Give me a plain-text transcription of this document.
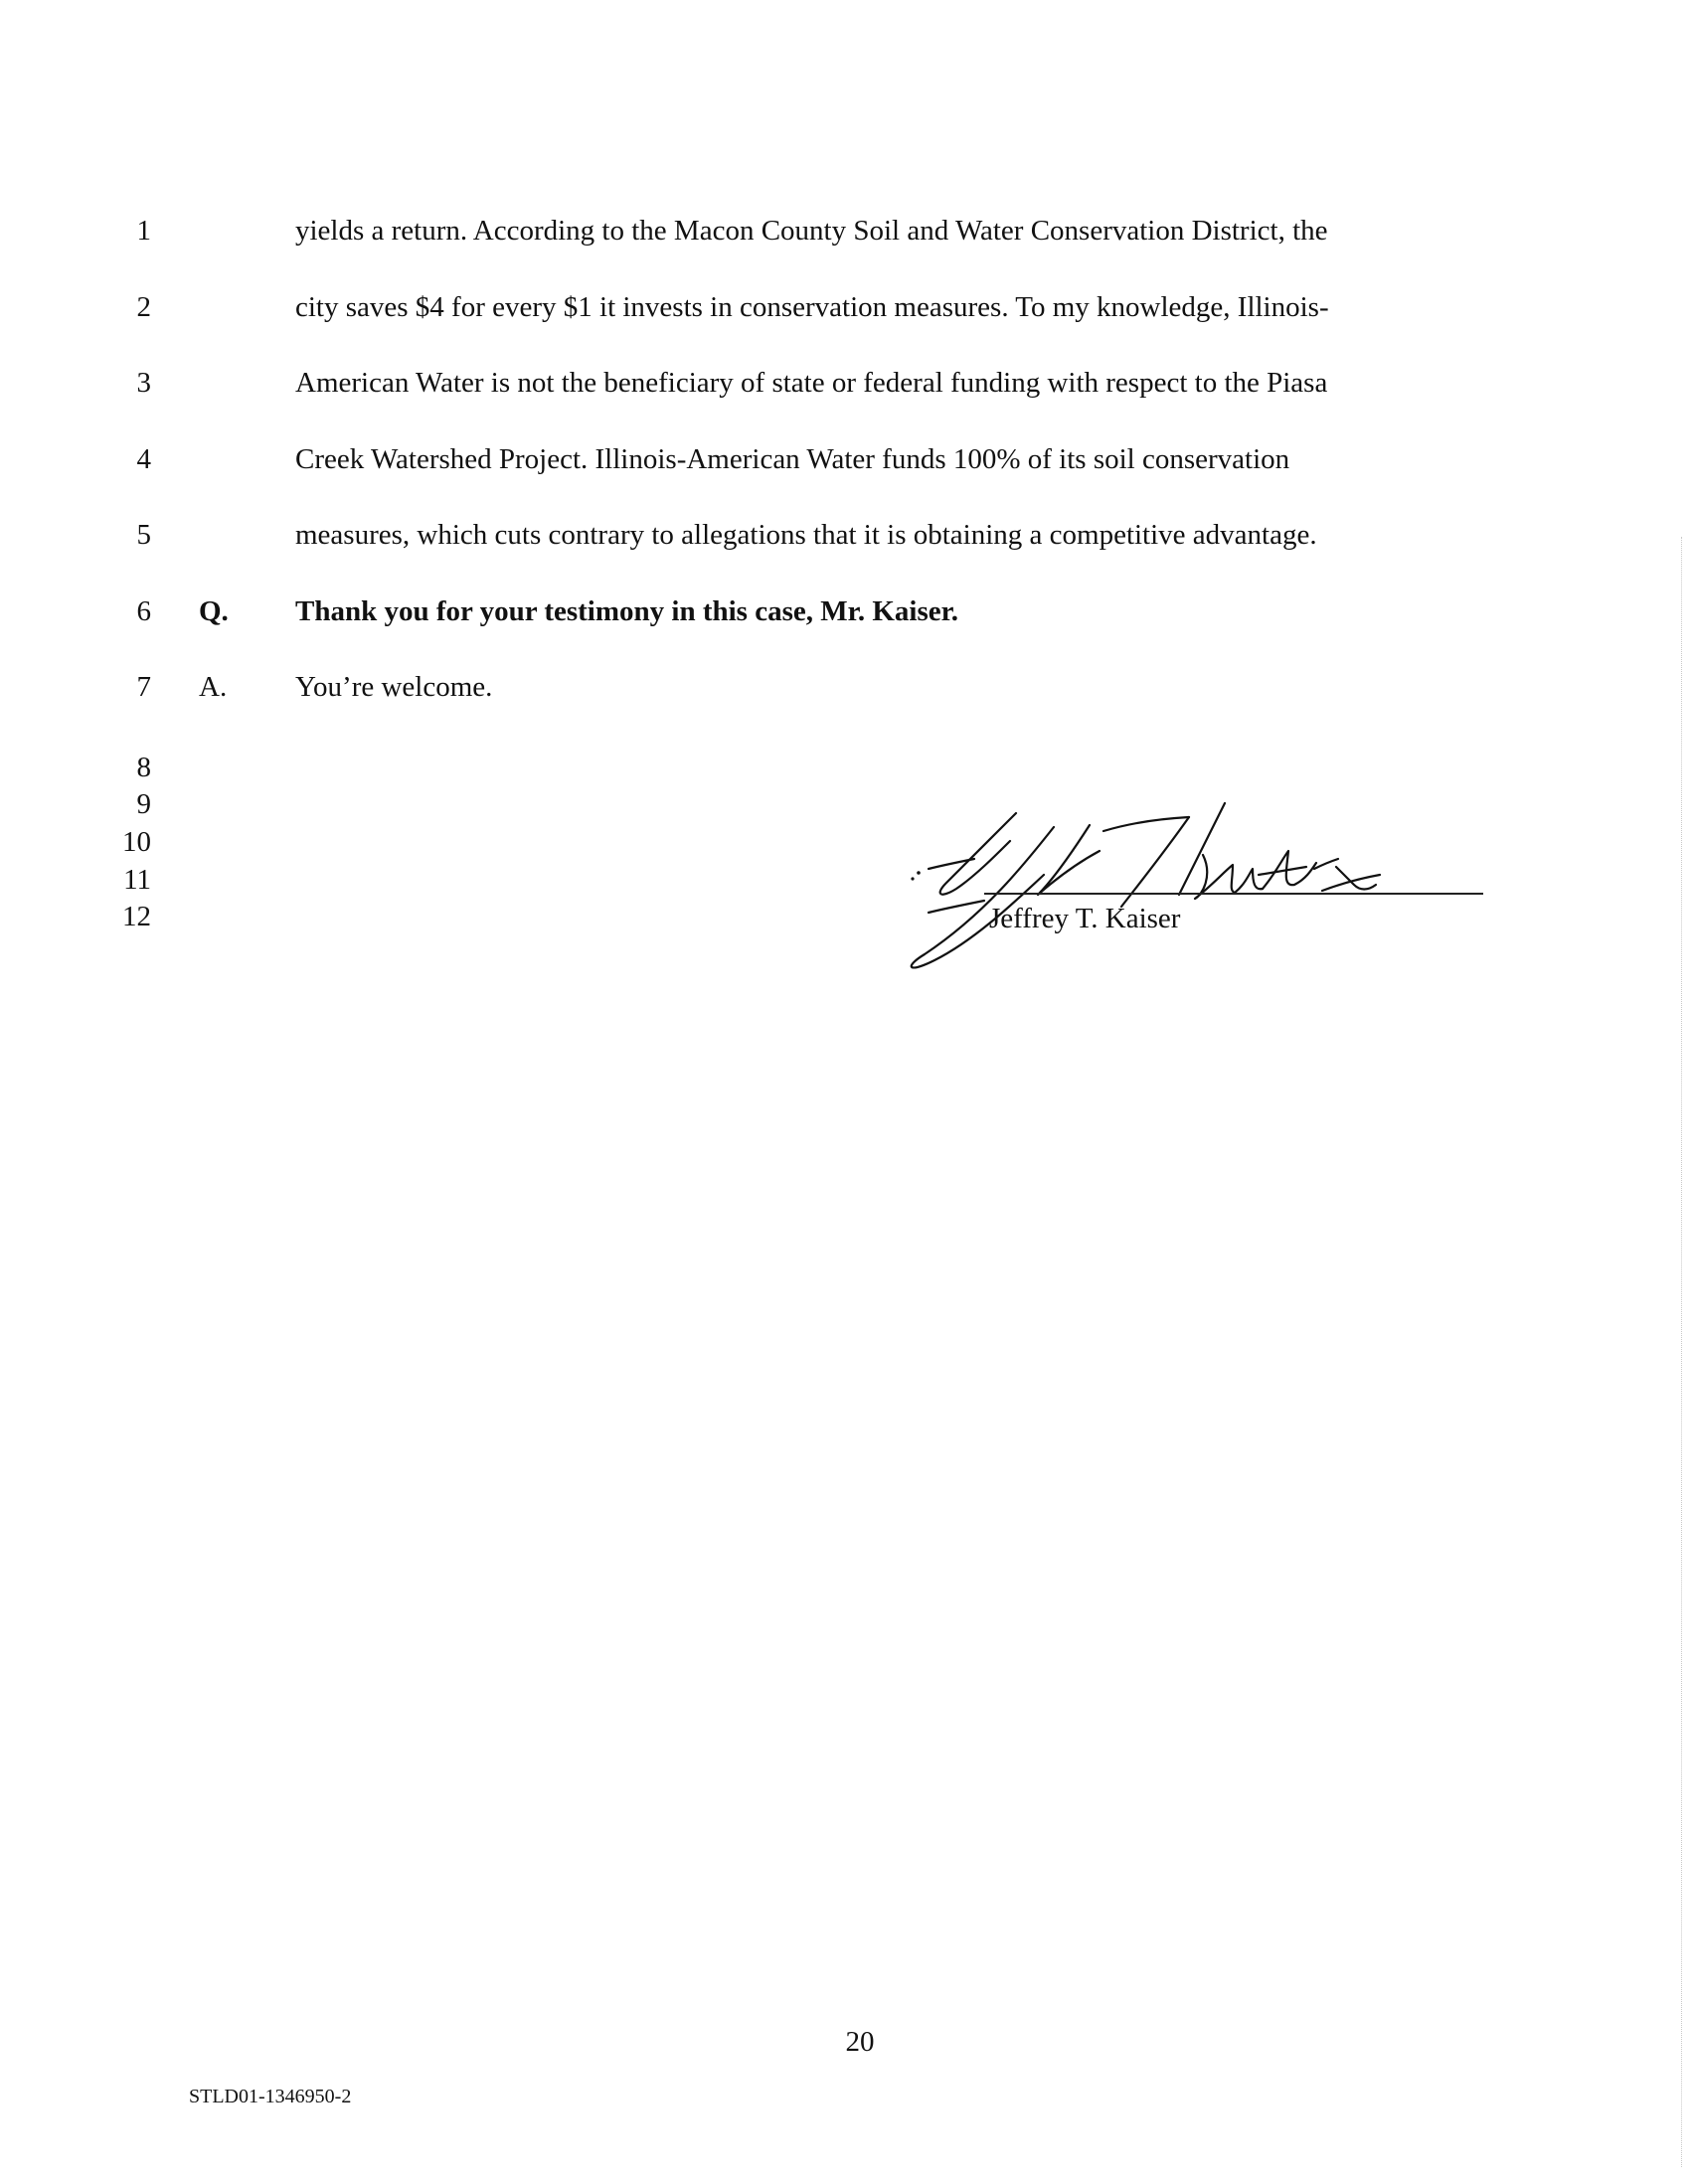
1	yields a return. According to the Macon County Soil and Water Conservation District, the
2	city saves $4 for every $1 it invests in conservation measures. To my knowledge, Illinois-
3	American Water is not the beneficiary of state or federal funding with respect to the Piasa
4	Creek Watershed Project. Illinois-American Water funds 100% of its soil conservation
5	measures, which cuts contrary to allegations that it is obtaining a competitive advantage.
6 Q. Thank you for your testimony in this case, Mr. Kaiser.
7 A. You’re welcome.
8
9
10
11
12	Jeffrey T. Kaiser
20
STLD01-1346950-2
